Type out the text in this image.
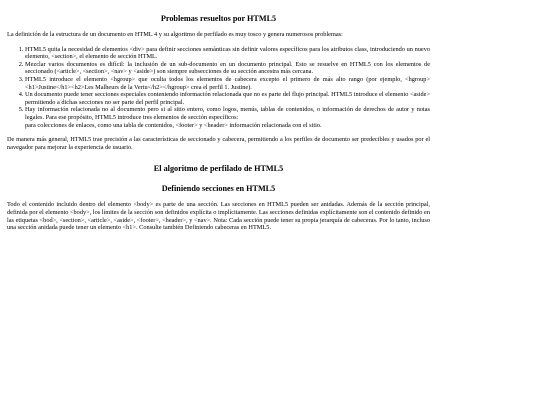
Problemas resueltos por HTML5

La definición de la estructura de un documento en HTML 4 y su algoritmo de perfilado es muy tosco y genera numerosos problemas:

1. HTML5 quita la necesidad de elementos <div> para definir secciones semánticas sin definir valores específicos para los atributos class, introduciendo un nuevo elemento, <section>, el elemento de sección HTML.
2. Mezclar varios documentos es difícil: la inclusión de un sub-documento en un documento principal. Esto se resuelve en HTML5 con los elementos de seccionado (<article>, <section>, <nav> y <aside>) son siempre subsecciones de su sección ancestra más cercana.
3. HTML5 introduce el elemento <hgroup> que oculta todos los elementos de cabecera excepto el primero de más alto rango (por ejemplo, <hgroup><h1>Justine</h1><h2>Les Malheurs de la Vertu</h2></hgroup> crea el perfil 1. Justine).
4. Un documento puede tener secciones especiales conteniendo información relacionada que no es parte del flujo principal. HTML5 introduce el elemento <aside> permitiendo a dichas secciones no ser parte del perfil principal.
5. Hay información relacionada no al documento pero si al sitio entero, como logos, menús, tablas de contenidos, o información de derechos de autor y notas legales. Para ese propósito, HTML5 introduce tres elementos de sección específicos:
para colecciones de enlaces, como una tabla de contenidos, <footer> y <header> información relacionada con el sitio.

De manera más general, HTML5 trae precisión a las características de seccionado y cabecera, permitiendo a los perfiles de documento ser predecibles y usados por el navegador para mejorar la experiencia de usuario.

El algoritmo de perfilado de HTML5
Definiendo secciones en HTML5

Todo el contenido incluido dentro del elemento <body> es parte de una sección. Las secciones en HTML5 pueden ser anidadas. Además de la sección principal, definida por el elemento <body>, los límites de la sección son definidos explícita o implícitamente. Las secciones definidas explícitamente son el contenido definido en las etiquetas <bod>, <section>, <article>, <aside>, <footer>, <header>, y <nav>. Nota: Cada sección puede tener su propia jerarquía de cabeceras. Por lo tanto, incluso una sección anidada puede tener un elemento <h1>. Consulte también Definiendo cabeceras en HTML5.
